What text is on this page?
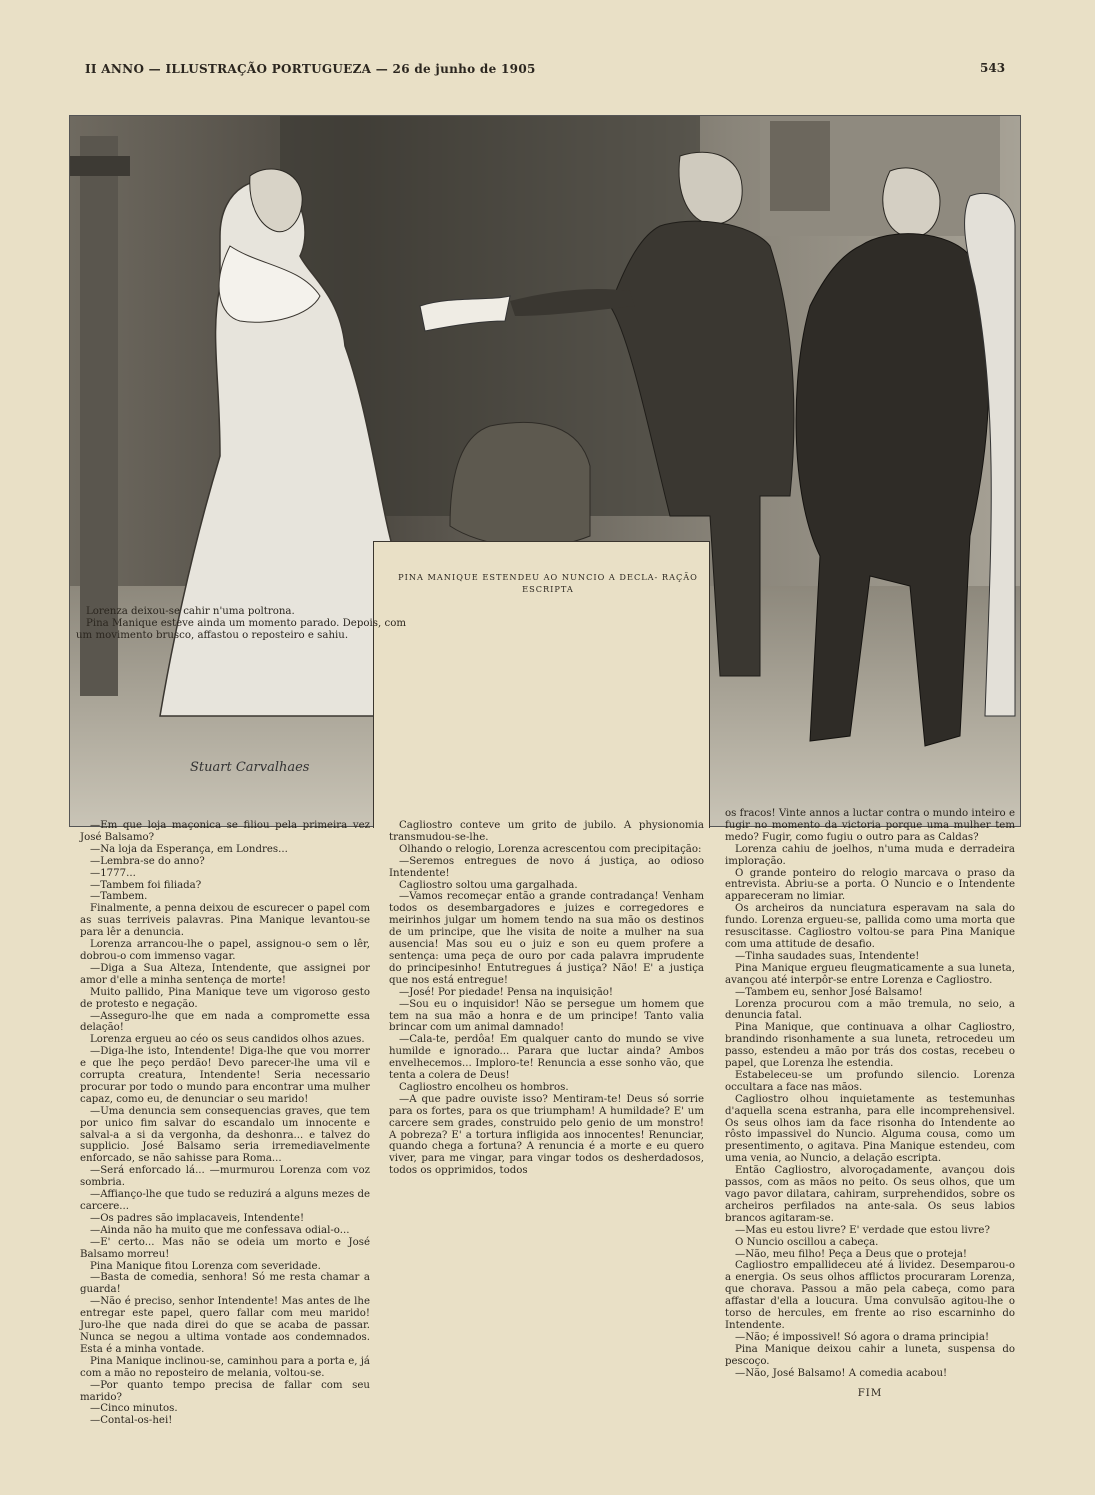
II ANNO — ILLUSTRAÇÃO PORTUGUEZA — 26 de junho de 1905	543
Stuart Carvalhaes
PINA MANIQUE ESTENDEU AO NUNCIO A DECLA- RAÇÃO ESCRIPTA

Lorenza deixou-se cahir n'uma poltrona.

Pina Manique esteve ainda um momento parado. Depois, com um movimento brusco, affastou o reposteiro e sahiu.

—Em que loja maçonica se filiou pela primeira vez José Balsamo?

—Na loja da Esperança, em Londres...

—Lembra-se do anno?

—1777...

—Tambem foi filiada?

—Tambem.

Finalmente, a penna deixou de escurecer o papel com as suas terriveis palavras. Pina Manique levantou-se para lêr a denuncia.

Lorenza arrancou-lhe o papel, assignou-o sem o lêr, dobrou-o com immenso vagar.

—Diga a Sua Alteza, Intendente, que assignei por amor d'elle a minha sentença de morte!

Muito pallido, Pina Manique teve um vigoroso gesto de protesto e negação.

—Asseguro-lhe que em nada a compromette essa delação!

Lorenza ergueu ao céo os seus candidos olhos azues.

—Diga-lhe isto, Intendente! Diga-lhe que vou morrer e que lhe peço perdão! Devo parecer-lhe uma vil e corrupta creatura, Intendente! Seria necessario procurar por todo o mundo para encontrar uma mulher capaz, como eu, de denunciar o seu marido!

—Uma denuncia sem consequencias graves, que tem por unico fim salvar do escandalo um innocente e salval-a a si da vergonha, da deshonra... e talvez do supplicio. José Balsamo seria irremediavelmente enforcado, se não sahisse para Roma...

—Será enforcado lá... —murmurou Lorenza com voz sombria.

—Affianço-lhe que tudo se reduzirá a alguns mezes de carcere...

—Os padres são implacaveis, Intendente!

—Ainda não ha muito que me confessava odial-o...

—E' certo... Mas não se odeia um morto e José Balsamo morreu!

Pina Manique fitou Lorenza com severidade.

—Basta de comedia, senhora! Só me resta chamar a guarda!

—Não é preciso, senhor Intendente! Mas antes de lhe entregar este papel, quero fallar com meu marido! Juro-lhe que nada direi do que se acaba de passar. Nunca se negou a ultima vontade aos condemnados. Esta é a minha vontade.

Pina Manique inclinou-se, caminhou para a porta e, já com a mão no reposteiro de melania, voltou-se.

—Por quanto tempo precisa de fallar com seu marido?

—Cinco minutos.

—Contal-os-hei!

Cagliostro conteve um grito de jubilo. A physionomia transmudou-se-lhe.

Olhando o relogio, Lorenza acrescentou com precipitação:

—Seremos entregues de novo á justiça, ao odioso Intendente!

Cagliostro soltou uma gargalhada.

—Vamos recomeçar então a grande contradança! Venham todos os desembargadores e juizes e corregedores e meirinhos julgar um homem tendo na sua mão os destinos de um principe, que lhe visita de noite a mulher na sua ausencia! Mas sou eu o juiz e son eu quem profere a sentença: uma peça de ouro por cada palavra imprudente do principesinho! Entutregues á justiça? Não! E' a justiça que nos está entregue!

—José! Por piedade! Pensa na inquisição!

—Sou eu o inquisidor! Não se persegue um homem que tem na sua mão a honra e de um principe! Tanto valia brincar com um animal damnado!

—Cala-te, perdôa! Em qualquer canto do mundo se vive humilde e ignorado... Parara que luctar ainda? Ambos envelhecemos... Imploro-te! Renuncia a esse sonho vão, que tenta a colera de Deus!

Cagliostro encolheu os hombros.

—A que padre ouviste isso? Mentiram-te! Deus só sorrie para os fortes, para os que triumpham! A humildade? E' um carcere sem grades, construido pelo genio de um monstro! A pobreza? E' a tortura infligida aos innocentes! Renunciar, quando chega a fortuna? A renuncia é a morte e eu quero viver, para me vingar, para vingar todos os desherdadosos, todos os opprimidos, todos

os fracos! Vinte annos a luctar contra o mundo inteiro e fugir no momento da victoria porque uma mulher tem medo? Fugir, como fugiu o outro para as Caldas?

Lorenza cahiu de joelhos, n'uma muda e derradeira imploração.

O grande ponteiro do relogio marcava o praso da entrevista. Abriu-se a porta. O Nuncio e o Intendente appareceram no limiar.

Os archeiros da nunciatura esperavam na sala do fundo. Lorenza ergueu-se, pallida como uma morta que resuscitasse. Cagliostro voltou-se para Pina Manique com uma attitude de desafio.

—Tinha saudades suas, Intendente!

Pina Manique ergueu fleugmaticamente a sua luneta, avançou até interpôr-se entre Lorenza e Cagliostro.

—Tambem eu, senhor José Balsamo!

Lorenza procurou com a mão tremula, no seio, a denuncia fatal.

Pina Manique, que continuava a olhar Cagliostro, brandindo risonhamente a sua luneta, retrocedeu um passo, estendeu a mão por trás dos costas, recebeu o papel, que Lorenza lhe estendia.

Estabeleceu-se um profundo silencio. Lorenza occultara a face nas mãos.

Cagliostro olhou inquietamente as testemunhas d'aquella scena estranha, para elle incomprehensivel. Os seus olhos iam da face risonha do Intendente ao rôsto impassivel do Nuncio. Alguma cousa, como um presentimento, o agitava. Pina Manique estendeu, com uma venia, ao Nuncio, a delação escripta.

Então Cagliostro, alvoroçadamente, avançou dois passos, com as mãos no peito. Os seus olhos, que um vago pavor dilatara, cahiram, surprehendidos, sobre os archeiros perfilados na ante-sala. Os seus labios brancos agitaram-se.

—Mas eu estou livre? E' verdade que estou livre?

O Nuncio oscillou a cabeça.

—Não, meu filho! Peça a Deus que o proteja!

Cagliostro empallideceu até á lividez. Desemparou-o a energia. Os seus olhos afflictos procuraram Lorenza, que chorava. Passou a mão pela cabeça, como para affastar d'ella a loucura. Uma convulsão agitou-lhe o torso de hercules, em frente ao riso escarninho do Intendente.

—Não; é impossivel! Só agora o drama principia!

Pina Manique deixou cahir a luneta, suspensa do pescoço.

—Não, José Balsamo! A comedia acabou!

FIM
